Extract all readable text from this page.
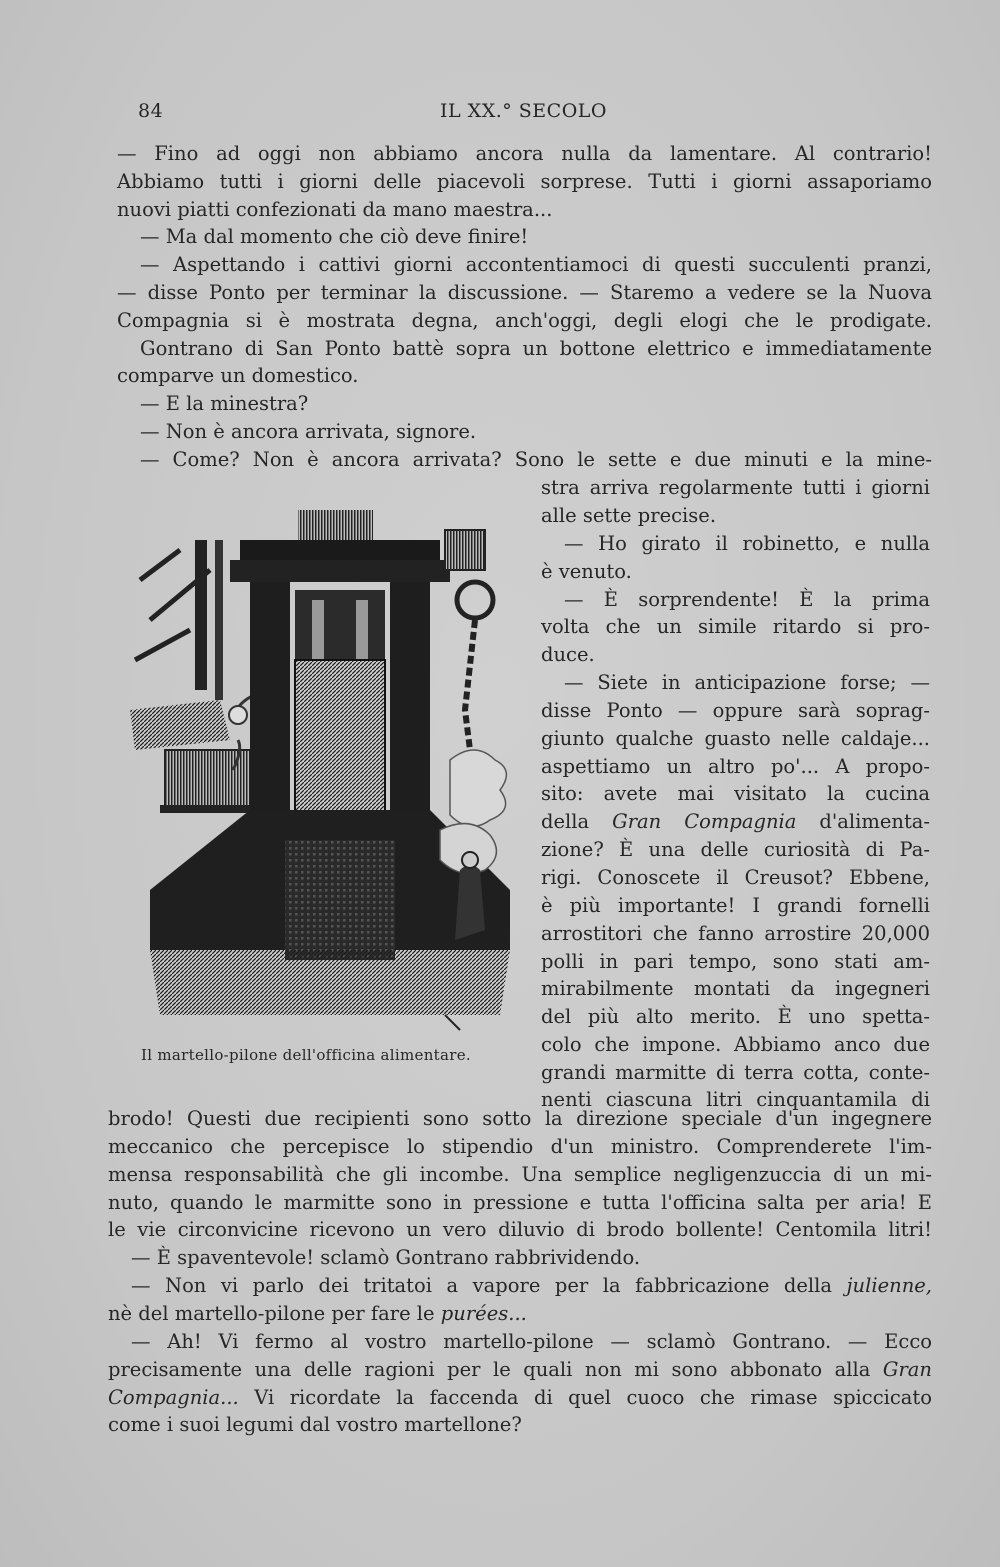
84	IL XX.° SECOLO
— Fino ad oggi non abbiamo ancora nulla da lamentare. Al contrario!
Abbiamo tutti i giorni delle piacevoli sorprese. Tutti i giorni assaporiamo
nuovi piatti confezionati da mano maestra...
— Ma dal momento che ciò deve finire!
— Aspettando i cattivi giorni accontentiamoci di questi succulenti pranzi,
— disse Ponto per terminar la discussione. — Staremo a vedere se la Nuova
Compagnia si è mostrata degna, anch'oggi, degli elogi che le prodigate.
Gontrano di San Ponto battè sopra un bottone elettrico e immediatamente
comparve un domestico.
— E la minestra?
— Non è ancora arrivata, signore.
— Come? Non è ancora arrivata? Sono le sette e due minuti e la mine-
stra arriva regolarmente tutti i giorni
alle sette precise.
— Ho girato il robinetto, e nulla
è venuto.
— È sorprendente! È la prima
volta che un simile ritardo si pro-
duce.
— Siete in anticipazione forse; —
disse Ponto — oppure sarà soprag-
giunto qualche guasto nelle caldaje...
aspettiamo un altro po'... A propo-
sito: avete mai visitato la cucina
della Gran Compagnia d'alimenta-
zione? È una delle curiosità di Pa-
rigi. Conoscete il Creusot? Ebbene,
è più importante! I grandi fornelli
arrostitori che fanno arrostire 20,000
polli in pari tempo, sono stati am-
mirabilmente montati da ingegneri
del più alto merito. È uno spetta-
colo che impone. Abbiamo anco due
grandi marmitte di terra cotta, conte-
nenti ciascuna litri cinquantamila di
Il martello-pilone dell'officina alimentare.
brodo! Questi due recipienti sono sotto la direzione speciale d'un ingegnere
meccanico che percepisce lo stipendio d'un ministro. Comprenderete l'im-
mensa responsabilità che gli incombe. Una semplice negligenzuccia di un mi-
nuto, quando le marmitte sono in pressione e tutta l'officina salta per aria! E
le vie circonvicine ricevono un vero diluvio di brodo bollente! Centomila litri!
— È spaventevole! sclamò Gontrano rabbrividendo.
— Non vi parlo dei tritatoi a vapore per la fabbricazione della julienne,
nè del martello-pilone per fare le purées...
— Ah! Vi fermo al vostro martello-pilone — sclamò Gontrano. — Ecco
precisamente una delle ragioni per le quali non mi sono abbonato alla Gran
Compagnia... Vi ricordate la faccenda di quel cuoco che rimase spiccicato
come i suoi legumi dal vostro martellone?
